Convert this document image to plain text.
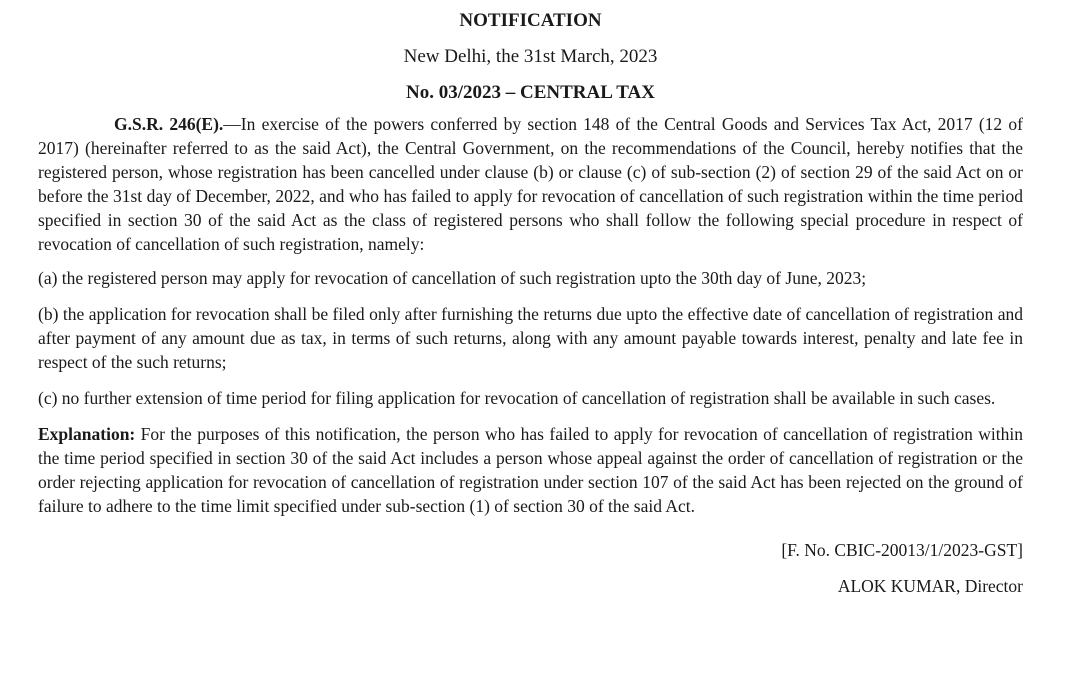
NOTIFICATION

New Delhi, the 31st March, 2023

No. 03/2023 – CENTRAL TAX

G.S.R. 246(E).—In exercise of the powers conferred by section 148 of the Central Goods and Services Tax Act, 2017 (12 of 2017) (hereinafter referred to as the said Act), the Central Government, on the recommendations of the Council, hereby notifies that the registered person, whose registration has been cancelled under clause (b) or clause (c) of sub-section (2) of section 29 of the said Act on or before the 31st day of December, 2022, and who has failed to apply for revocation of cancellation of such registration within the time period specified in section 30 of the said Act as the class of registered persons who shall follow the following special procedure in respect of revocation of cancellation of such registration, namely:

(a) the registered person may apply for revocation of cancellation of such registration upto the 30th day of June, 2023;

(b) the application for revocation shall be filed only after furnishing the returns due upto the effective date of cancellation of registration and after payment of any amount due as tax, in terms of such returns, along with any amount payable towards interest, penalty and late fee in respect of the such returns;

(c) no further extension of time period for filing application for revocation of cancellation of registration shall be available in such cases.

Explanation: For the purposes of this notification, the person who has failed to apply for revocation of cancellation of registration within the time period specified in section 30 of the said Act includes a person whose appeal against the order of cancellation of registration or the order rejecting application for revocation of cancellation of registration under section 107 of the said Act has been rejected on the ground of failure to adhere to the time limit specified under sub-section (1) of section 30 of the said Act.

[F. No. CBIC-20013/1/2023-GST]

ALOK KUMAR, Director
